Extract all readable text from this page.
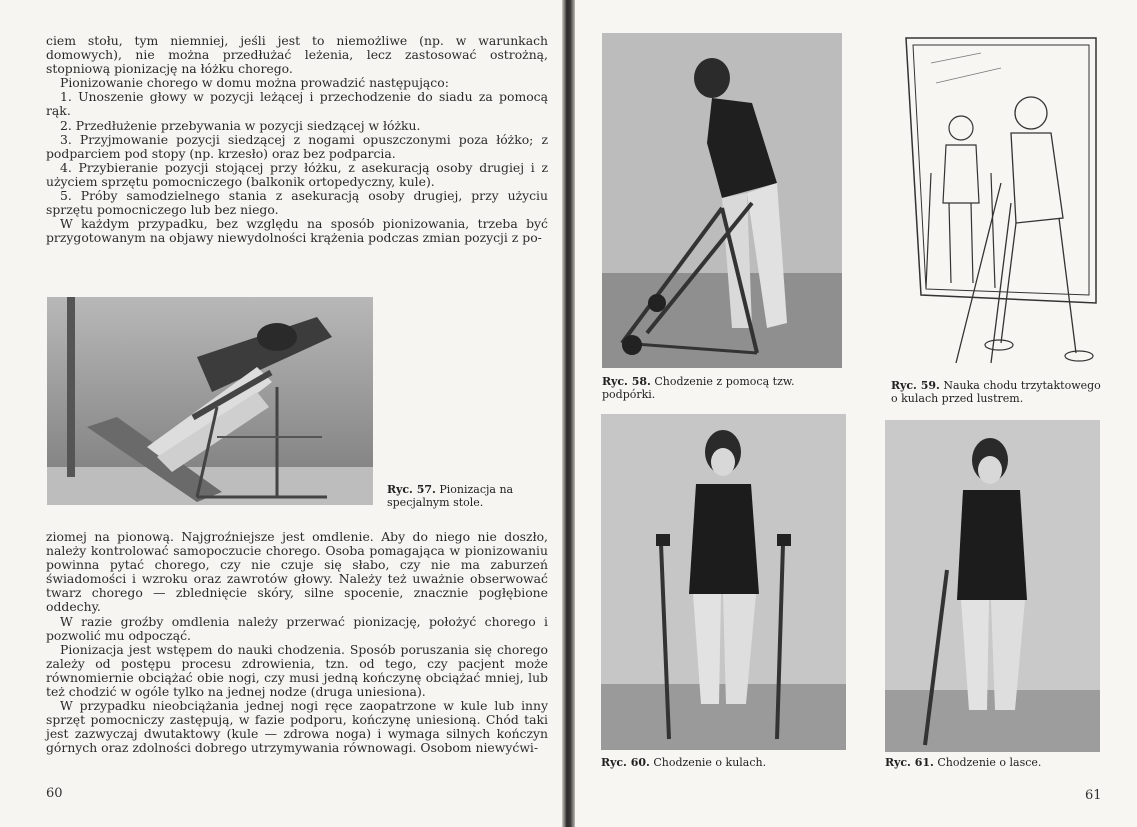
ciem stołu, tym niemniej, jeśli jest to niemożliwe (np. w warunkach domowych), nie można przedłużać leżenia, lecz zastosować ostrożną, stopniową pionizację na łóżku chorego.

Pionizowanie chorego w domu można prowadzić następująco:

1. Unoszenie głowy w pozycji leżącej i przechodzenie do siadu za pomocą rąk.

2. Przedłużenie przebywania w pozycji siedzącej w łóżku.

3. Przyjmowanie pozycji siedzącej z nogami opuszczonymi poza łóżko; z podparciem pod stopy (np. krzesło) oraz bez podparcia.

4. Przybieranie pozycji stojącej przy łóżku, z asekuracją osoby drugiej i z użyciem sprzętu pomocniczego (balkonik ortopedyczny, kule).

5. Próby samodzielnego stania z asekuracją osoby drugiej, przy użyciu sprzętu pomocniczego lub bez niego.

W każdym przypadku, bez względu na sposób pionizowania, trzeba być przygotowanym na objawy niewydolności krążenia podczas zmian pozycji z po-

Ryc. 57. Pionizacja na specjalnym stole.

ziomej na pionową. Najgroźniejsze jest omdlenie. Aby do niego nie doszło, należy kontrolować samopoczucie chorego. Osoba pomagająca w pionizowaniu powinna pytać chorego, czy nie czuje się słabo, czy nie ma zaburzeń świadomości i wzroku oraz zawrotów głowy. Należy też uważnie obserwować twarz chorego — zblednięcie skóry, silne spocenie, znacznie pogłębione oddechy.

W razie groźby omdlenia należy przerwać pionizację, położyć chorego i pozwolić mu odpocząć.

Pionizacja jest wstępem do nauki chodzenia. Sposób poruszania się chorego zależy od postępu procesu zdrowienia, tzn. od tego, czy pacjent może równomiernie obciążać obie nogi, czy musi jedną kończynę obciążać mniej, lub też chodzić w ogóle tylko na jednej nodze (druga uniesiona).

W przypadku nieobciążania jednej nogi ręce zaopatrzone w kule lub inny sprzęt pomocniczy zastępują, w fazie podporu, kończynę uniesioną. Chód taki jest zazwyczaj dwutaktowy (kule — zdrowa noga) i wymaga silnych kończyn górnych oraz zdolności dobrego utrzymywania równowagi. Osobom niewyćwi-

60
Ryc. 58. Chodzenie z pomocą tzw. podpórki.
Ryc. 59. Nauka chodu trzytaktowego o kulach przed lustrem.
Ryc. 60. Chodzenie o kulach.	Ryc. 61. Chodzenie o lasce.
61
